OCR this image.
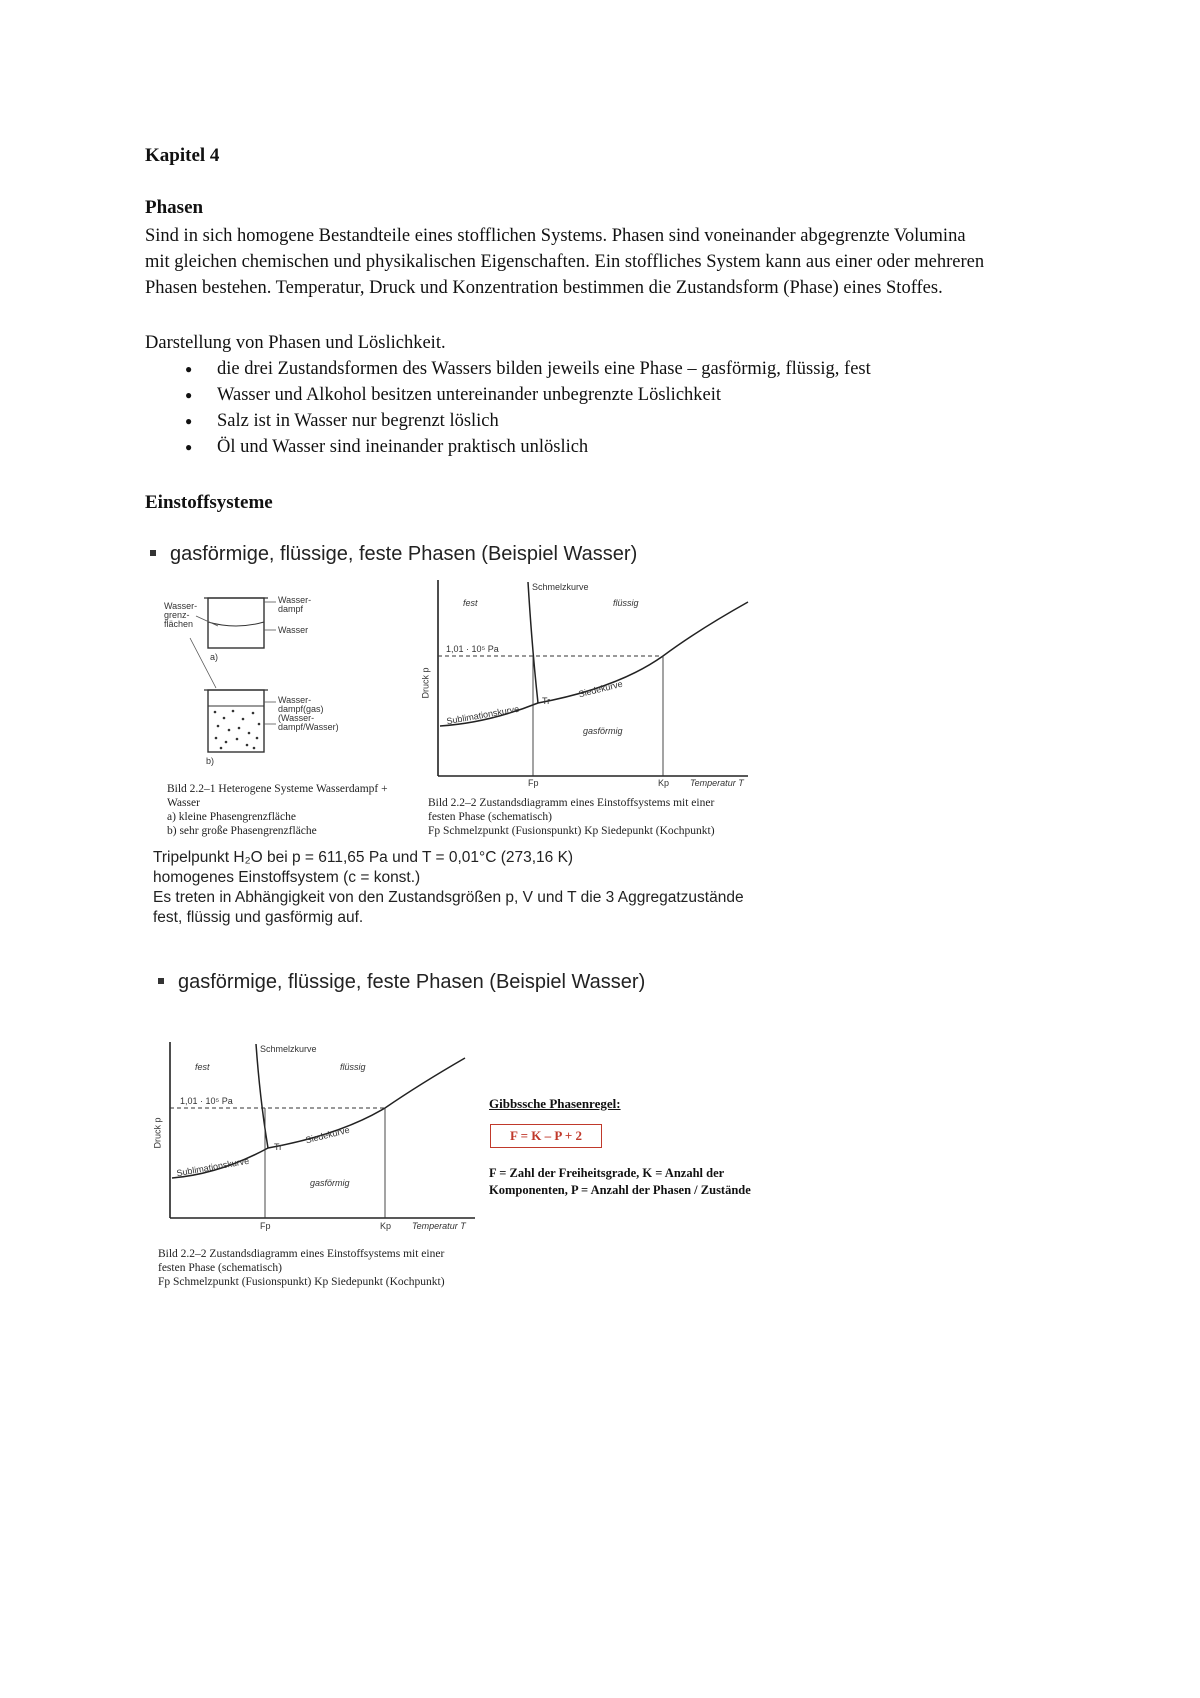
Kapitel 4
Phasen
Sind in sich homogene Bestandteile eines stofflichen Systems. Phasen sind voneinander abgegrenzte Volumina
mit gleichen chemischen und physikalischen Eigenschaften. Ein stoffliches System kann aus einer oder mehreren
Phasen bestehen. Temperatur, Druck und Konzentration bestimmen die Zustandsform (Phase) eines Stoffes.
Darstellung von Phasen und Löslichkeit.
● die drei Zustandsformen des Wassers bilden jeweils eine Phase – gasförmig, flüssig, fest
● Wasser und Alkohol besitzen untereinander unbegrenzte Löslichkeit
● Salz ist in Wasser nur begrenzt löslich
● Öl und Wasser sind ineinander praktisch unlöslich
Einstoffsysteme
gasförmige, flüssige, feste Phasen (Beispiel Wasser)
Wasser-
grenz-
flächen
Wasser-
dampf
Wasser
a)
Wasser-
dampf(gas)
(Wasser-
dampf/Wasser)
b)
Bild 2.2–1 Heterogene Systeme Wasserdampf +
Wasser
a) kleine Phasengrenzfläche
b) sehr große Phasengrenzfläche
Schmelzkurve
fest	flüssig
1,01 · 10⁵ Pa
Druck p
Tr
Siedekurve
Sublimationskurve
gasförmig
Fp	Kp Temperatur T
Bild 2.2–2 Zustandsdiagramm eines Einstoffsystems mit einer
festen Phase (schematisch)
Fp Schmelzpunkt (Fusionspunkt) Kp Siedepunkt (Kochpunkt)
Tripelpunkt H₂O bei p = 611,65 Pa und T = 0,01°C (273,16 K)
homogenes Einstoffsystem (c = konst.)
Es treten in Abhängigkeit von den Zustandsgrößen p, V und T die 3 Aggregatzustände
fest, flüssig und gasförmig auf.
gasförmige, flüssige, feste Phasen (Beispiel Wasser)
Schmelzkurve
fest	flüssig
1,01 · 10⁵ Pa
Druck p	Tr
Siedekurve
Sublimationskurve
gasförmig
Fp	Kp Temperatur T
Bild 2.2–2 Zustandsdiagramm eines Einstoffsystems mit einer
festen Phase (schematisch)
Fp Schmelzpunkt (Fusionspunkt) Kp Siedepunkt (Kochpunkt)
Gibbssche Phasenregel:
F = K – P + 2
F = Zahl der Freiheitsgrade, K = Anzahl der
Komponenten, P = Anzahl der Phasen / Zustände
